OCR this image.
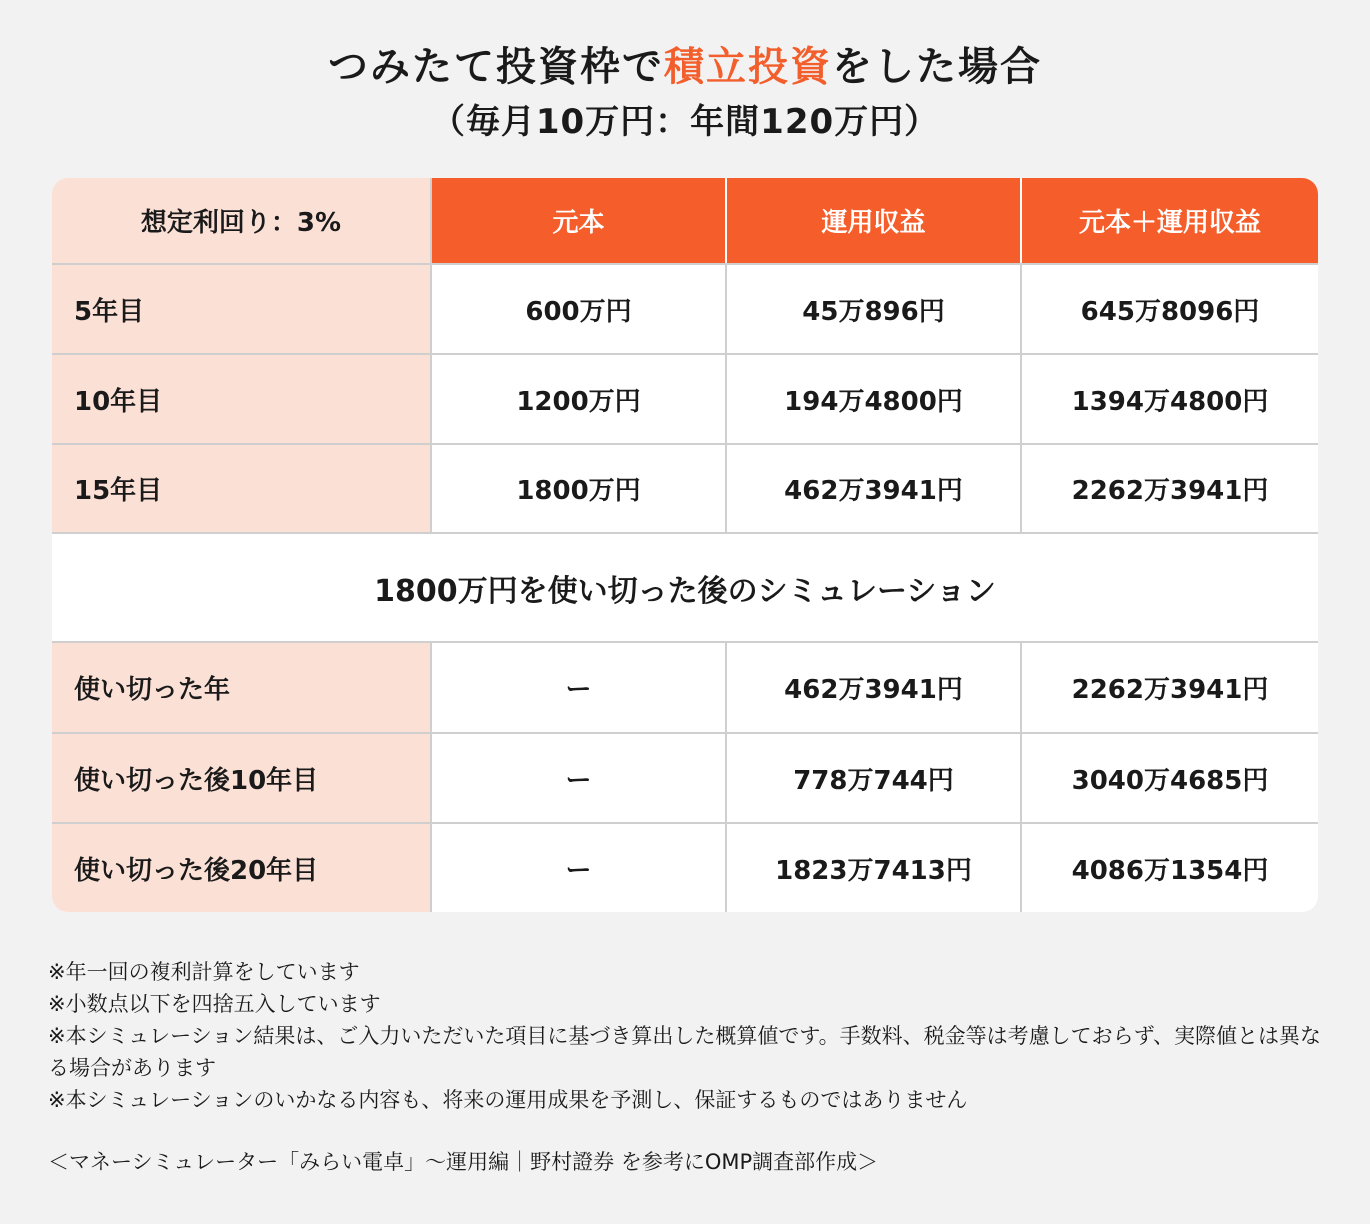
つみたて投資枠で積立投資をした場合
（毎月10万円：年間120万円）
想定利回り：3%	元本	運用収益	元本＋運用収益
5年目	600万円	45万896円	645万8096円
10年目	1200万円	194万4800円	1394万4800円
15年目	1800万円	462万3941円	2262万3941円
1800万円を使い切った後のシミュレーション
使い切った年	ー	462万3941円	2262万3941円
使い切った後10年目	ー	778万744円	3040万4685円
使い切った後20年目	ー	1823万7413円	4086万1354円
※年一回の複利計算をしています
※小数点以下を四捨五入しています
※本シミュレーション結果は、ご入力いただいた項目に基づき算出した概算値です。手数料、税金等は考慮しておらず、実際値とは異なる場合があります
※本シミュレーションのいかなる内容も、将来の運用成果を予測し、保証するものではありません
＜マネーシミュレーター「みらい電卓」〜運用編｜野村證券 を参考にOMP調査部作成＞
